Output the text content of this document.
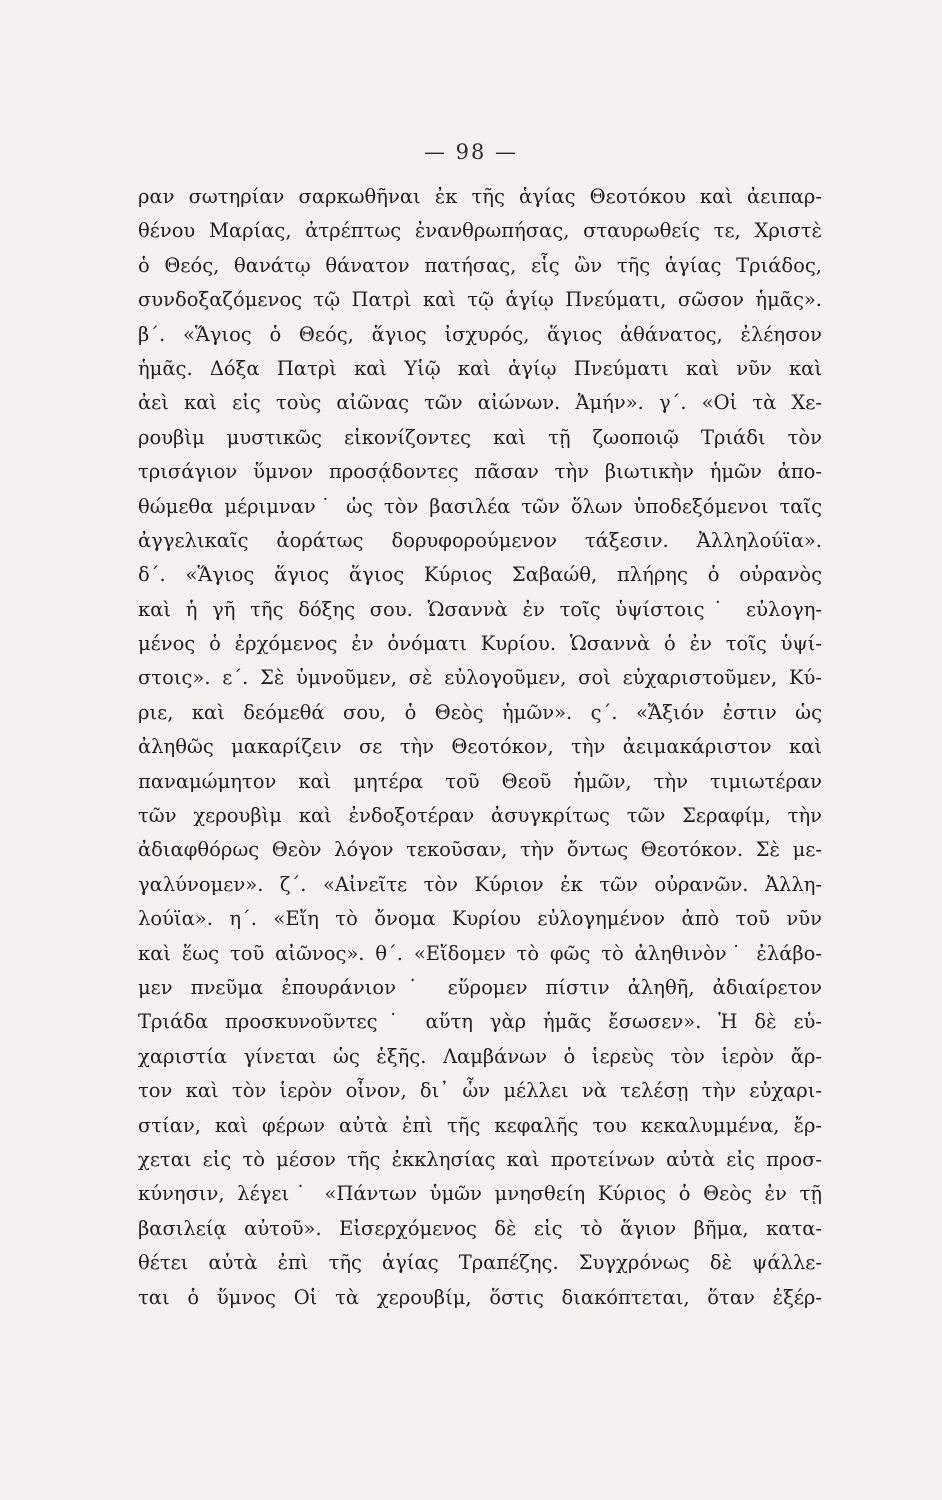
— 98 —
ραν σωτηρίαν σαρκωθῆναι ἐκ τῆς ἁγίας Θεοτόκου καὶ ἀειπαρ-
θένου Μαρίας, ἀτρέπτως ἐνανθρωπήσας, σταυρωθείς τε, Χριστὲ
ὁ Θεός, θανάτῳ θάνατον πατήσας, εἷς ὢν τῆς ἁγίας Τριάδος,
συνδοξαζόμενος τῷ Πατρὶ καὶ τῷ ἁγίῳ Πνεύματι, σῶσον ἡμᾶς».
β΄. «Ἅγιος ὁ Θεός, ἅγιος ἰσχυρός, ἅγιος ἀθάνατος, ἐλέησον
ἡμᾶς. Δόξα Πατρὶ καὶ Υἱῷ καὶ ἁγίῳ Πνεύματι καὶ νῦν καὶ
ἀεὶ καὶ εἰς τοὺς αἰῶνας τῶν αἰώνων. Ἀμήν». γ΄. «Οἱ τὰ Χε-
ρουβὶμ μυστικῶς εἰκονίζοντες καὶ τῇ ζωοποιῷ Τριάδι τὸν
τρισάγιον ὕμνον προσᾴδοντες πᾶσαν τὴν βιωτικὴν ἡμῶν ἀπο-
θώμεθα μέριμναν˙ ὡς τὸν βασιλέα τῶν ὅλων ὑποδεξόμενοι ταῖς
ἀγγελικαῖς ἀοράτως δορυφορούμενον τάξεσιν. Ἀλληλούϊα».
δ΄. «Ἅγιος ἅγιος ἅγιος Κύριος Σαβαώθ, πλήρης ὁ οὐρανὸς
καὶ ἡ γῆ τῆς δόξης σου. Ὡσαννὰ ἐν τοῖς ὑψίστοις˙ εὐλογη-
μένος ὁ ἐρχόμενος ἐν ὀνόματι Κυρίου. Ὡσαννὰ ὁ ἐν τοῖς ὑψί-
στοις». ε΄. Σὲ ὑμνοῦμεν, σὲ εὐλογοῦμεν, σοὶ εὐχαριστοῦμεν, Κύ-
ριε, καὶ δεόμεθά σου, ὁ Θεὸς ἡμῶν». ς΄. «Ἄξιόν ἐστιν ὡς
ἀληθῶς μακαρίζειν σε τὴν Θεοτόκον, τὴν ἀειμακάριστον καὶ
παναμώμητον καὶ μητέρα τοῦ Θεοῦ ἡμῶν, τὴν τιμιωτέραν
τῶν χερουβὶμ καὶ ἐνδοξοτέραν ἀσυγκρίτως τῶν Σεραφίμ, τὴν
ἀδιαφθόρως Θεὸν λόγον τεκοῦσαν, τὴν ὄντως Θεοτόκον. Σὲ με-
γαλύνομεν». ζ΄. «Αἰνεῖτε τὸν Κύριον ἐκ τῶν οὐρανῶν. Ἀλλη-
λούϊα». η΄. «Εἴη τὸ ὄνομα Κυρίου εὐλογημένον ἀπὸ τοῦ νῦν
καὶ ἕως τοῦ αἰῶνος». θ΄. «Εἴδομεν τὸ φῶς τὸ ἀληθινὸν˙ ἐλάβο-
μεν πνεῦμα ἐπουράνιον˙ εὕρομεν πίστιν ἀληθῆ, ἀδιαίρετον
Τριάδα προσκυνοῦντες˙ αὕτη γὰρ ἡμᾶς ἔσωσεν». Ἡ δὲ εὐ-
χαριστία γίνεται ὡς ἑξῆς. Λαμβάνων ὁ ἱερεὺς τὸν ἱερὸν ἄρ-
τον καὶ τὸν ἱερὸν οἶνον, δι᾽ ὧν μέλλει νὰ τελέσῃ τὴν εὐχαρι-
στίαν, καὶ φέρων αὐτὰ ἐπὶ τῆς κεφαλῆς του κεκαλυμμένα, ἔρ-
χεται εἰς τὸ μέσον τῆς ἐκκλησίας καὶ προτείνων αὐτὰ εἰς προσ-
κύνησιν, λέγει˙ «Πάντων ὑμῶν μνησθείη Κύριος ὁ Θεὸς ἐν τῇ
βασιλείᾳ αὐτοῦ». Εἰσερχόμενος δὲ εἰς τὸ ἅγιον βῆμα, κατα-
θέτει αὐτὰ ἐπὶ τῆς ἁγίας Τραπέζης. Συγχρόνως δὲ ψάλλε-
ται ὁ ὕμνος Οἱ τὰ χερουβίμ, ὅστις διακόπτεται, ὅταν ἐξέρ-
